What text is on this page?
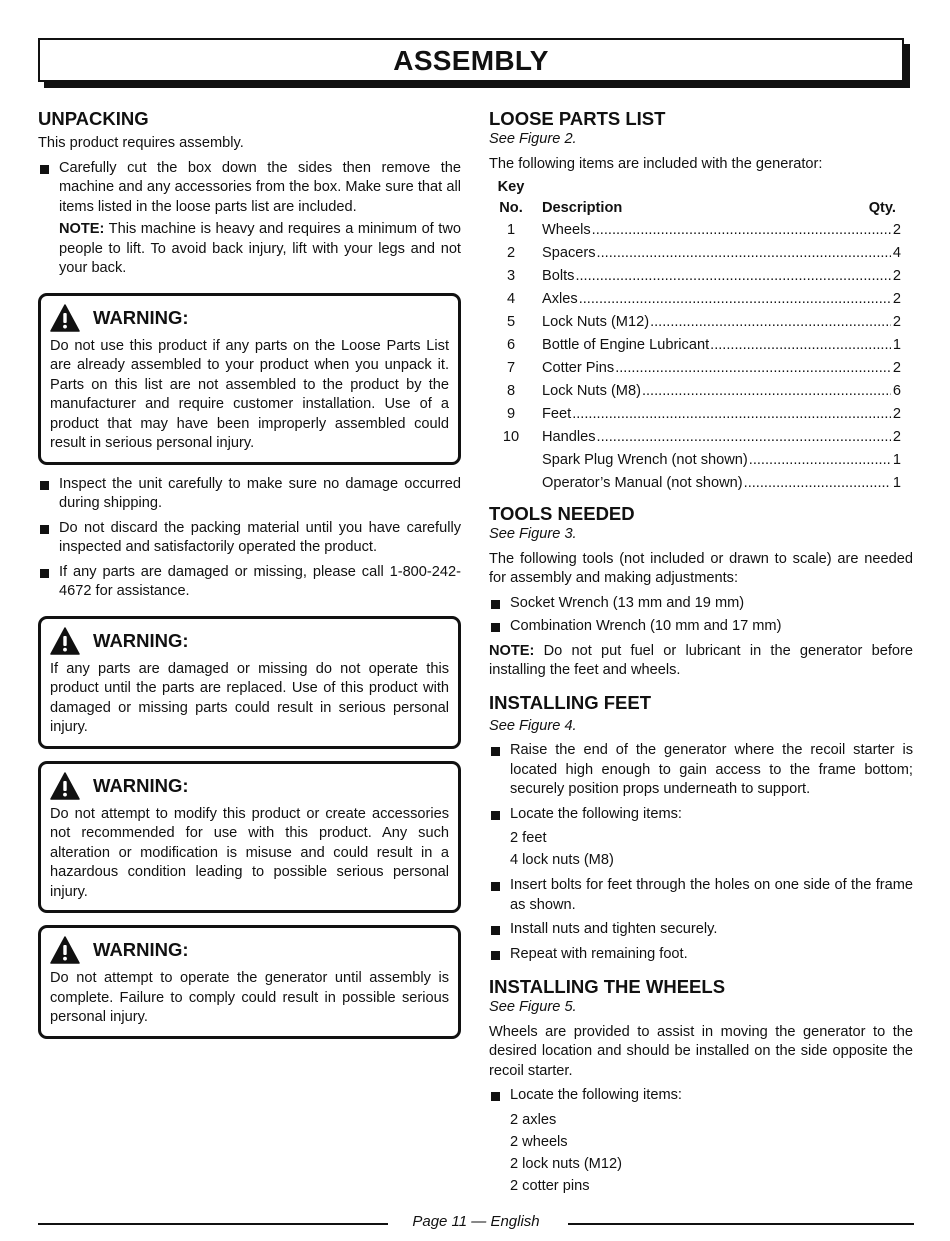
ASSEMBLY
UNPACKING

This product requires assembly.

Carefully cut the box down the sides then remove the machine and any accessories from the box. Make sure that all items listed in the loose parts list are included.

NOTE: This machine is heavy and requires a minimum of two people to lift. To avoid back injury, lift with your legs and not your back.

WARNING:

Do not use this product if any parts on the Loose Parts List are already assembled to your product when you unpack it. Parts on this list are not assembled to the product by the manufacturer and require customer installation. Use of a product that may have been improperly assembled could result in serious personal injury.

Inspect the unit carefully to make sure no damage occurred during shipping.
Do not discard the packing material until you have carefully inspected and satisfactorily operated the product.
If any parts are damaged or missing, please call 1-800-242-4672 for assistance.
WARNING:

If any parts are damaged or missing do not operate this product until the parts are replaced. Use of this product with damaged or missing parts could result in serious personal injury.

WARNING:

Do not attempt to modify this product or create accessories not recommended for use with this product. Any such alteration or modification is misuse and could result in a hazardous condition leading to possible serious personal injury.

WARNING:

Do not attempt to operate the generator until assembly is complete. Failure to comply could result in possible serious personal injury.

LOOSE PARTS LIST

See Figure 2.

The following items are included with the generator:

Key
No.	Description	Qty.
1	Wheels .....	2
2	Spacers .....	4
3	Bolts .....	2
4	Axles .....	2
5	Lock Nuts (M12) .....	2
6	Bottle of Engine Lubricant .....	1
7	Cotter Pins .....	2
8	Lock Nuts (M8) .....	6
9	Feet .....	2
10	Handles .....	2
Spark Plug Wrench (not shown) .....	1
Operator’s Manual (not shown) .....	1
TOOLS NEEDED

See Figure 3.

The following tools (not included or drawn to scale) are needed for assembly and making adjustments:

Socket Wrench (13 mm and 19 mm)
Combination Wrench (10 mm and 17 mm)

NOTE: Do not put fuel or lubricant in the generator before installing the feet and wheels.

INSTALLING FEET

See Figure 4.

Raise the end of the generator where the recoil starter is located high enough to gain access to the frame bottom; securely position props underneath to support.
Locate the following items:
2 feet
4 lock nuts (M8)
Insert bolts for feet through the holes on one side of the frame as shown.
Install nuts and tighten securely.
Repeat with remaining foot.
INSTALLING THE WHEELS

See Figure 5.

Wheels are provided to assist in moving the generator to the desired location and should be installed on the side opposite the recoil starter.

Locate the following items:
2 axles
2 wheels
2 lock nuts (M12)
2 cotter pins
Page 11 — English
